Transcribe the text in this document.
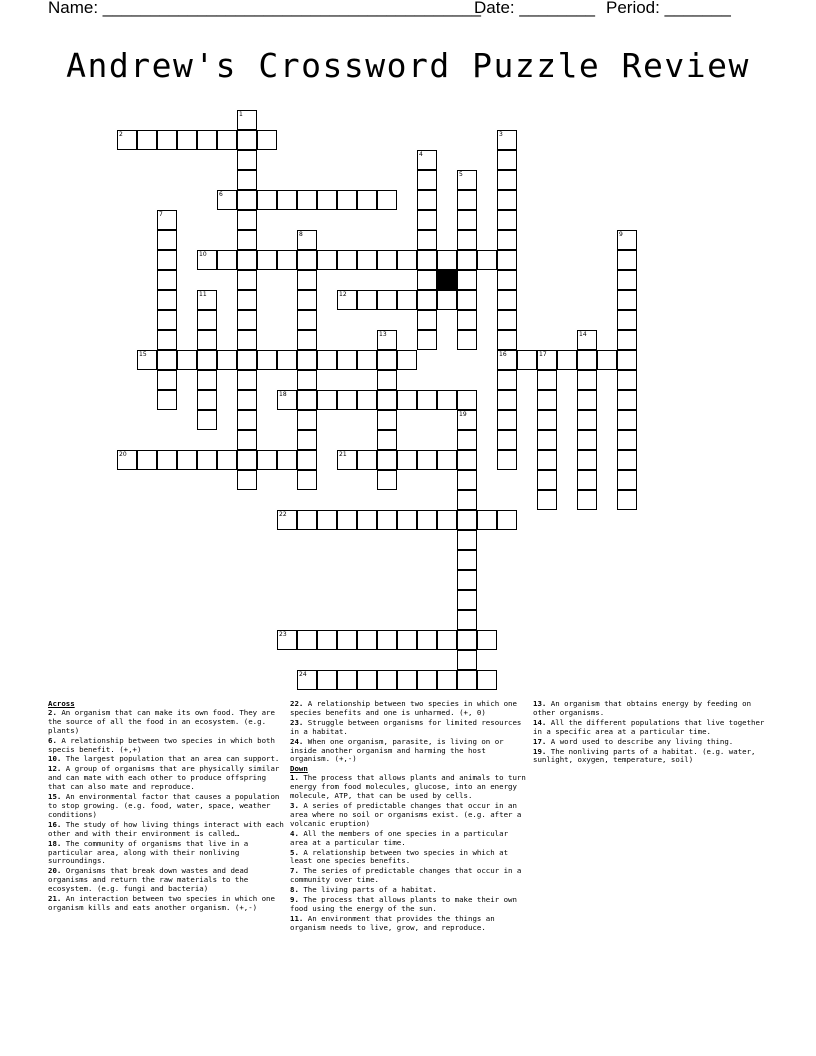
Name: ________________________________________
Date: ________ Period: _______
Andrew's Crossword Puzzle Review
2
6
10
12
15	16	17
18
20	21
22
23
24
1
3
4
5
7
8	9
11
13	14
19
Across
2. An organism that can make its own food. They are the source of all the food in an ecosystem. (e.g. plants)
6. A relationship between two species in which both specis benefit. (+,+)
10. The largest population that an area can support.
12. A group of organisms that are physically similar and can mate with each other to produce offspring that can also mate and reproduce.
15. An environmental factor that causes a population to stop growing. (e.g. food, water, space, weather conditions)
16. The study of how living things interact with each other and with their environment is called…
18. The community of organisms that live in a particular area, along with their nonliving surroundings.
20. Organisms that break down wastes and dead organisms and return the raw materials to the ecosystem. (e.g. fungi and bacteria)
21. An interaction between two species in which one organism kills and eats another organism. (+,-)
22. A relationship between two species in which one species benefits and one is unharmed. (+, 0)
23. Struggle between organisms for limited resources in a habitat.
24. When one organism, parasite, is living on or inside another organism and harming the host organism. (+,-)
Down
1. The process that allows plants and animals to turn energy from food molecules, glucose, into an energy molecule, ATP, that can be used by cells.
3. A series of predictable changes that occur in an area where no soil or organisms exist. (e.g. after a volcanic eruption)
4. All the members of one species in a particular area at a particular time.
5. A relationship between two species in which at least one species benefits.
7. The series of predictable changes that occur in a community over time.
8. The living parts of a habitat.
9. The process that allows plants to make their own food using the energy of the sun.
11. An environment that provides the things an organism needs to live, grow, and reproduce.
13. An organism that obtains energy by feeding on other organisms.
14. All the different populations that live together in a specific area at a particular time.
17. A word used to describe any living thing.
19. The nonliving parts of a habitat. (e.g. water, sunlight, oxygen, temperature, soil)
